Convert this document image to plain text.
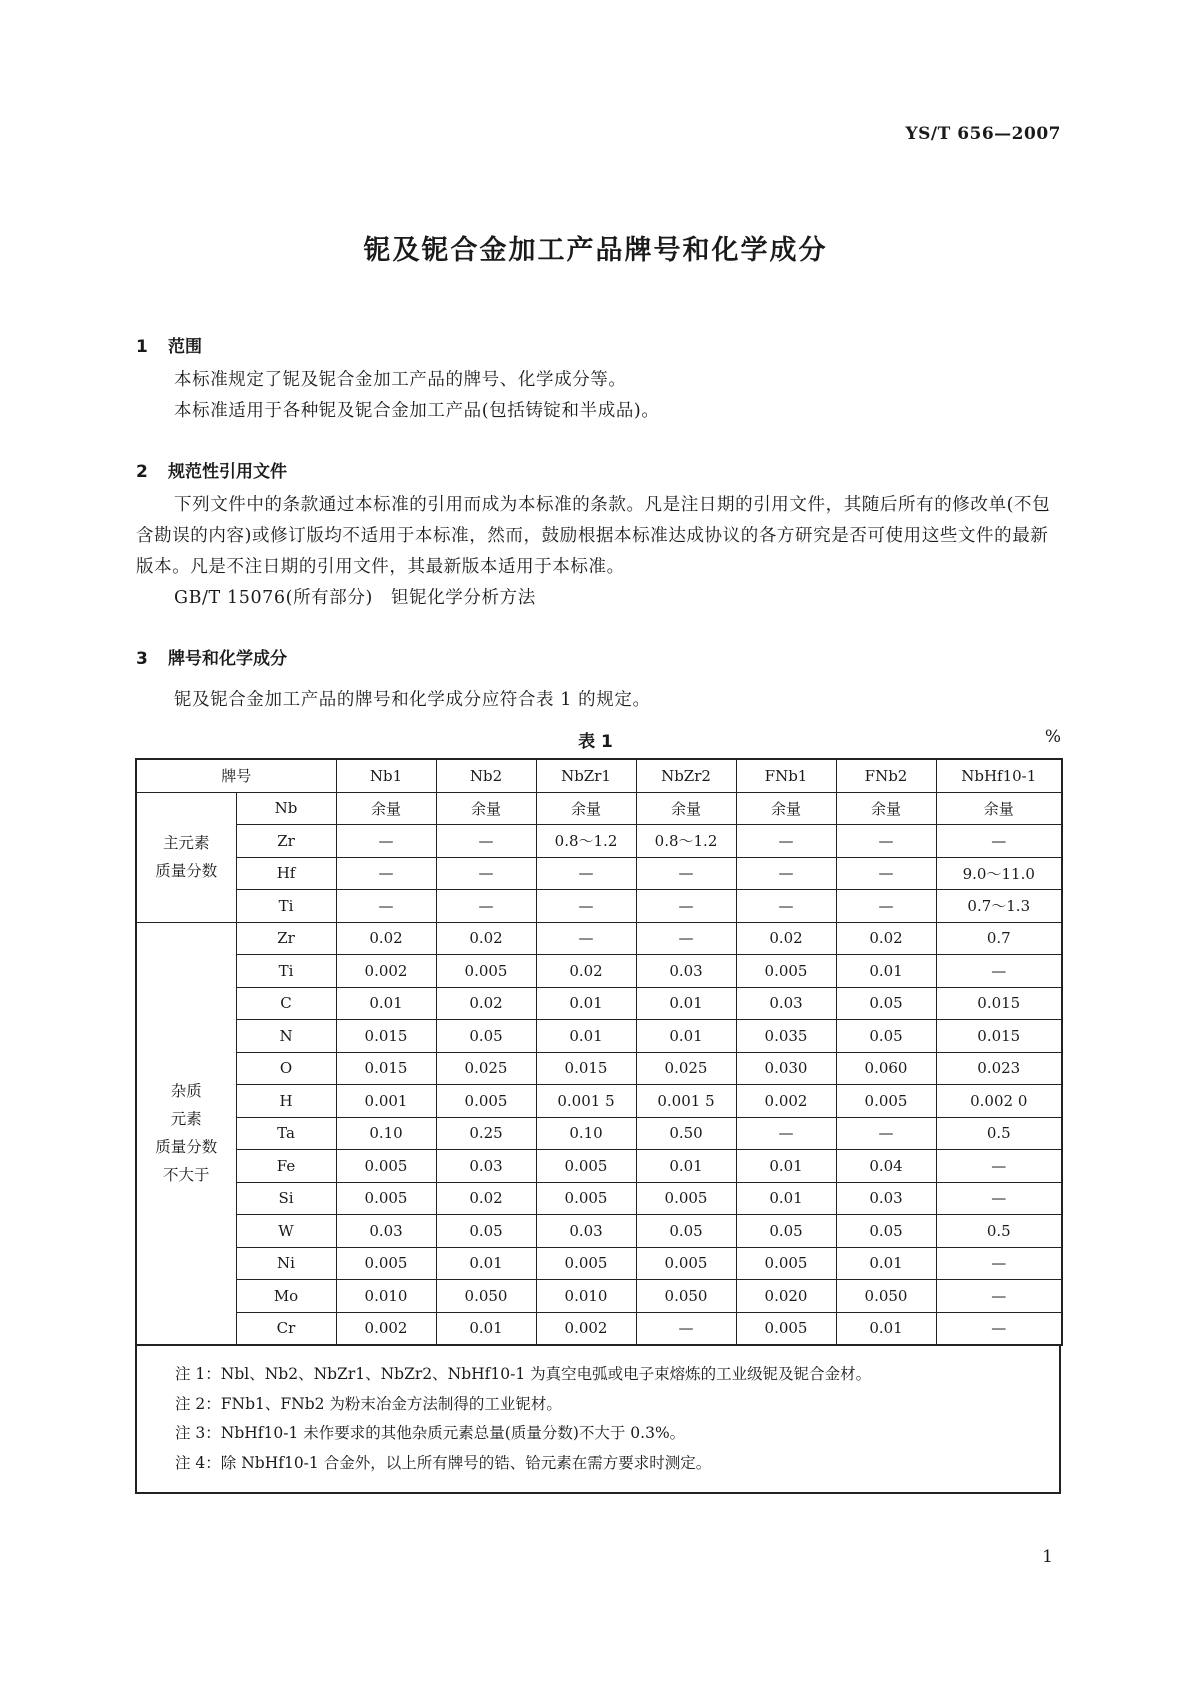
YS/T 656—2007
铌及铌合金加工产品牌号和化学成分
1 范围
本标准规定了铌及铌合金加工产品的牌号、化学成分等。
本标准适用于各种铌及铌合金加工产品(包括铸锭和半成品)。
2 规范性引用文件
下列文件中的条款通过本标准的引用而成为本标准的条款。凡是注日期的引用文件，其随后所有的修改单(不包含勘误的内容)或修订版均不适用于本标准，然而，鼓励根据本标准达成协议的各方研究是否可使用这些文件的最新版本。凡是不注日期的引用文件，其最新版本适用于本标准。
GB/T 15076(所有部分)　钽铌化学分析方法
3 牌号和化学成分
铌及铌合金加工产品的牌号和化学成分应符合表 1 的规定。
表 1	%
牌号		Nb1	Nb2	NbZr1	NbZr2	FNb1	FNb2	NbHf10-1

主元素
质量分数	Nb	余量	余量	余量	余量	余量	余量	余量
	Zr	—	—	0.8～1.2	0.8～1.2	—	—	—
	Hf	—	—	—	—	—	—	9.0～11.0
	Ti	—	—	—	—	—	—	0.7～1.3

杂质
元素
质量分数
不大于	Zr	0.02	0.02	—	—	0.02	0.02	0.7
	Ti	0.002	0.005	0.02	0.03	0.005	0.01	—
	C	0.01	0.02	0.01	0.01	0.03	0.05	0.015
	N	0.015	0.05	0.01	0.01	0.035	0.05	0.015
	O	0.015	0.025	0.015	0.025	0.030	0.060	0.023
	H	0.001	0.005	0.001 5	0.001 5	0.002	0.005	0.002 0
	Ta	0.10	0.25	0.10	0.50	—	—	0.5
	Fe	0.005	0.03	0.005	0.01	0.01	0.04	—
	Si	0.005	0.02	0.005	0.005	0.01	0.03	—
	W	0.03	0.05	0.03	0.05	0.05	0.05	0.5
	Ni	0.005	0.01	0.005	0.005	0.005	0.01	—
	Mo	0.010	0.050	0.010	0.050	0.020	0.050	—
	Cr	0.002	0.01	0.002	—	0.005	0.01	—
注 1：Nbl、Nb2、NbZr1、NbZr2、NbHf10-1 为真空电弧或电子束熔炼的工业级铌及铌合金材。
注 2：FNb1、FNb2 为粉末冶金方法制得的工业铌材。
注 3：NbHf10-1 未作要求的其他杂质元素总量(质量分数)不大于 0.3%。
注 4：除 NbHf10-1 合金外，以上所有牌号的锆、铪元素在需方要求时测定。
1
